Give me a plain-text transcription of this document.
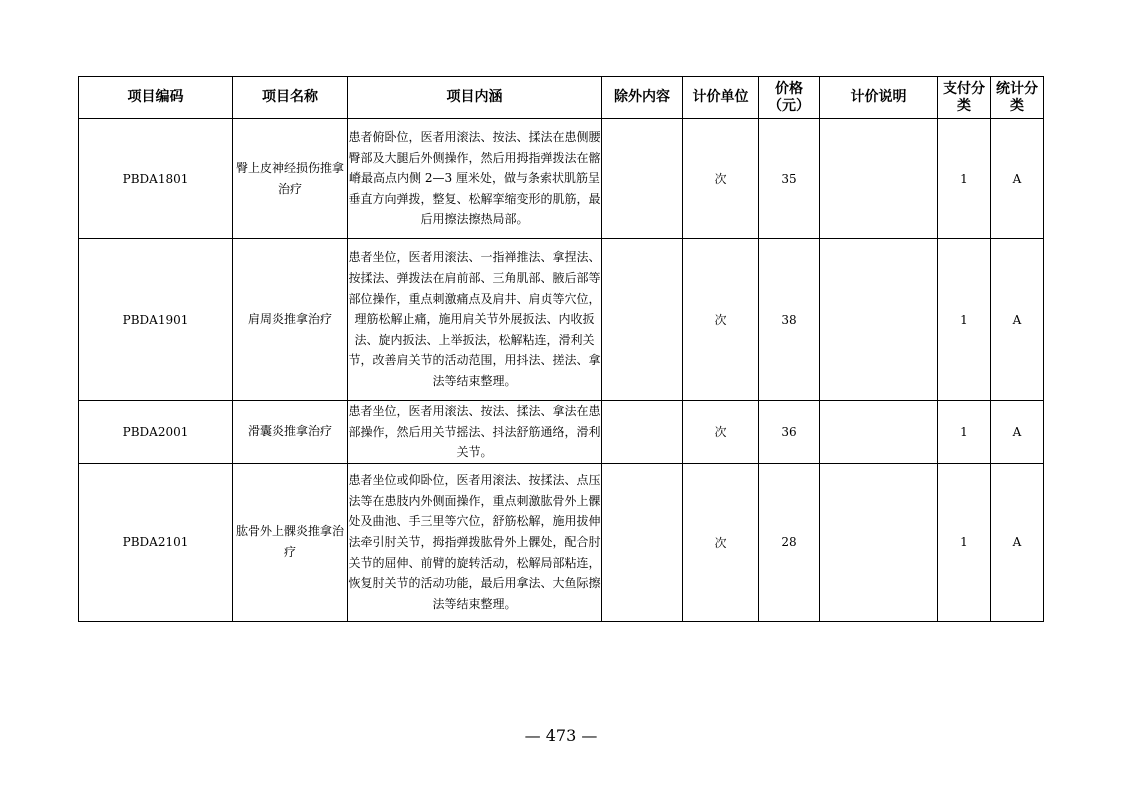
项目编码	项目名称	项目内涵	除外内容	计价单位	价格（元）	计价说明	支付分类	统计分类
PBDA1801	臀上皮神经损伤推拿治疗	患者俯卧位，医者用滚法、按法、揉法在患侧腰臀部及大腿后外侧操作，然后用拇指弹拨法在髂嵴最高点内侧 2—3 厘米处，做与条索状肌筋呈垂直方向弹拨，整复、松解挛缩变形的肌筋，最后用擦法擦热局部。		次	35		1	A
PBDA1901	肩周炎推拿治疗	患者坐位，医者用滚法、一指禅推法、拿捏法、按揉法、弹拨法在肩前部、三角肌部、腋后部等部位操作，重点刺激痛点及肩井、肩贞等穴位，理筋松解止痛，施用肩关节外展扳法、内收扳法、旋内扳法、上举扳法，松解粘连，滑利关节，改善肩关节的活动范围，用抖法、搓法、拿法等结束整理。		次	38		1	A
PBDA2001	滑囊炎推拿治疗	患者坐位，医者用滚法、按法、揉法、拿法在患部操作，然后用关节摇法、抖法舒筋通络，滑利关节。		次	36		1	A
PBDA2101	肱骨外上髁炎推拿治疗	患者坐位或仰卧位，医者用滚法、按揉法、点压法等在患肢内外侧面操作，重点刺激肱骨外上髁处及曲池、手三里等穴位，舒筋松解，施用拔伸法牵引肘关节，拇指弹拨肱骨外上髁处，配合肘关节的屈伸、前臂的旋转活动，松解局部粘连，恢复肘关节的活动功能，最后用拿法、大鱼际擦法等结束整理。		次	28		1	A
— 473 —
